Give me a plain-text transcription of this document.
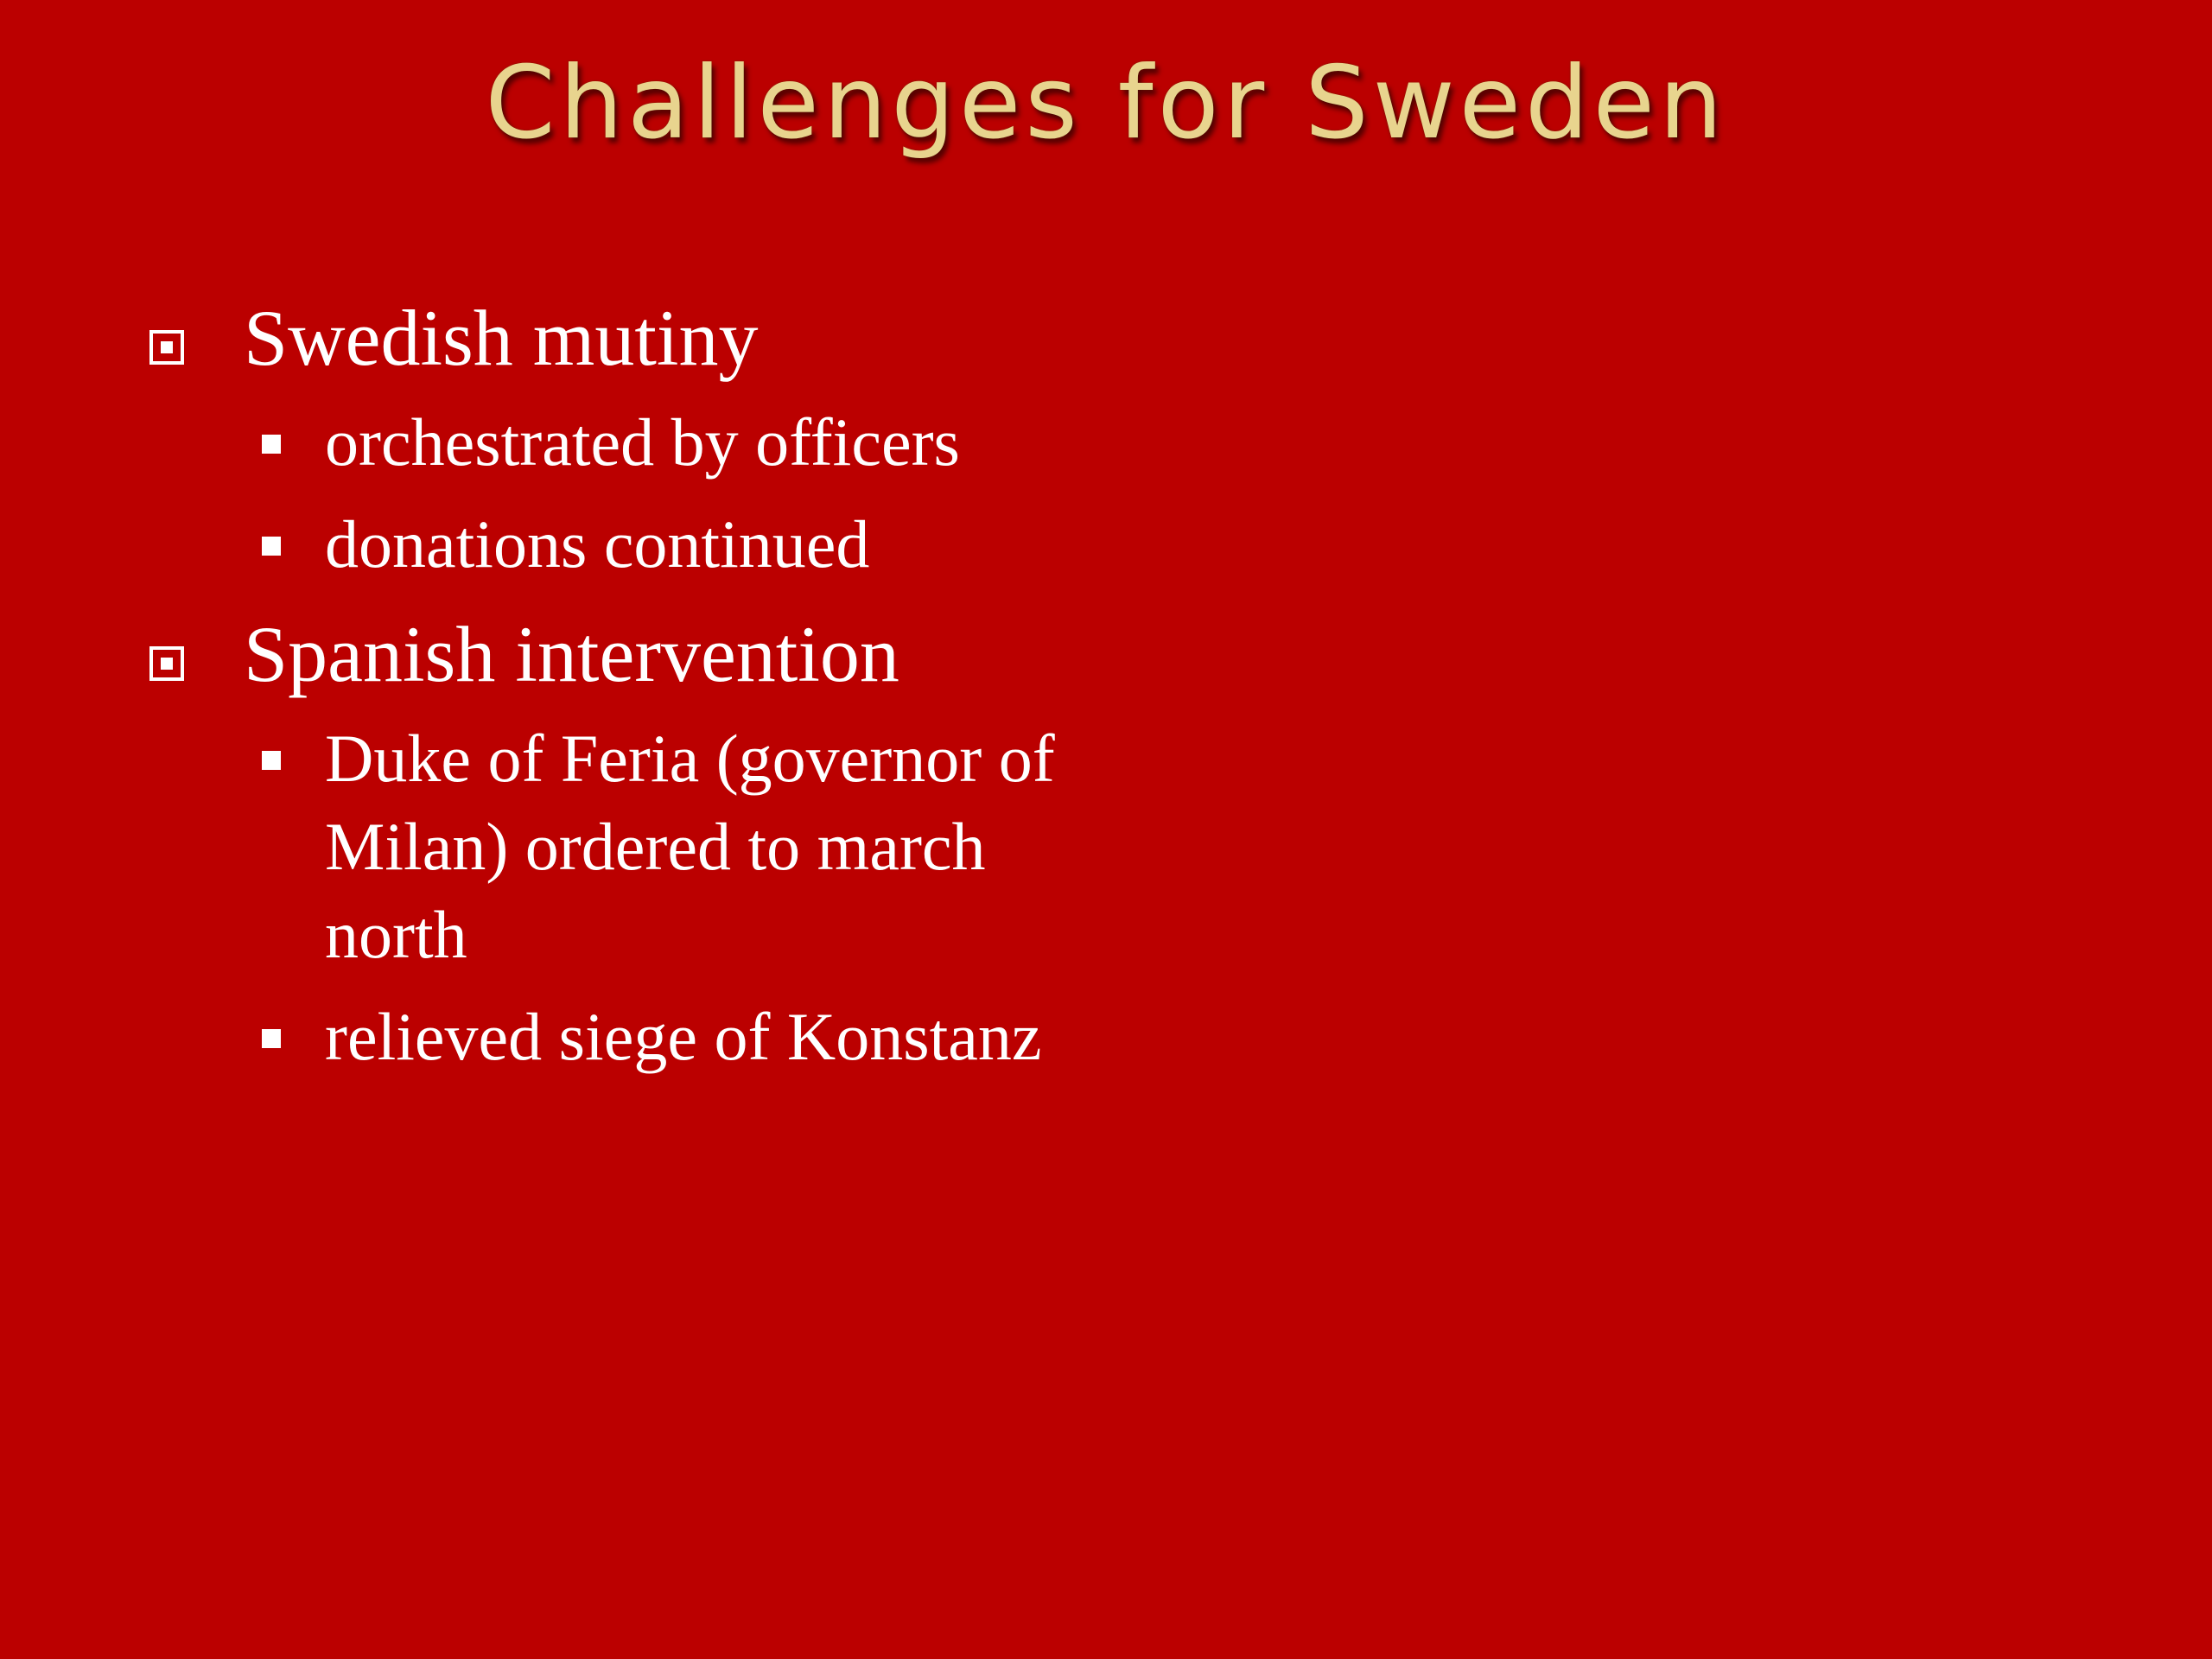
Challenges for Sweden
Swedish mutiny
orchestrated by officers
donations continued
Spanish intervention
Duke of Feria (governor of Milan) ordered to march north
relieved siege of Konstanz
